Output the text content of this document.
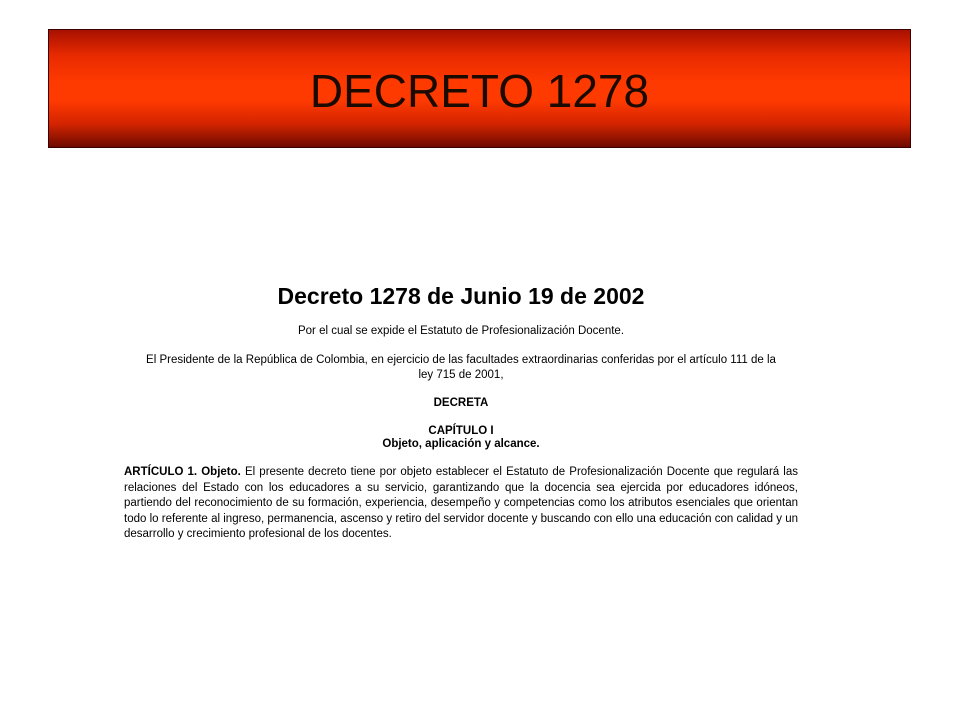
DECRETO 1278
Decreto 1278 de Junio 19 de 2002
Por el cual se expide el Estatuto de Profesionalización Docente.
El Presidente de la República de Colombia, en ejercicio de las facultades extraordinarias conferidas por el artículo 111 de la ley 715 de 2001,
DECRETA
CAPÍTULO I
Objeto, aplicación y alcance.
ARTÍCULO 1. Objeto. El presente decreto tiene por objeto establecer el Estatuto de Profesionalización Docente que regulará las relaciones del Estado con los educadores a su servicio, garantizando que la docencia sea ejercida por educadores idóneos, partiendo del reconocimiento de su formación, experiencia, desempeño y competencias como los atributos esenciales que orientan todo lo referente al ingreso, permanencia, ascenso y retiro del servidor docente y buscando con ello una educación con calidad y un desarrollo y crecimiento profesional de los docentes.
